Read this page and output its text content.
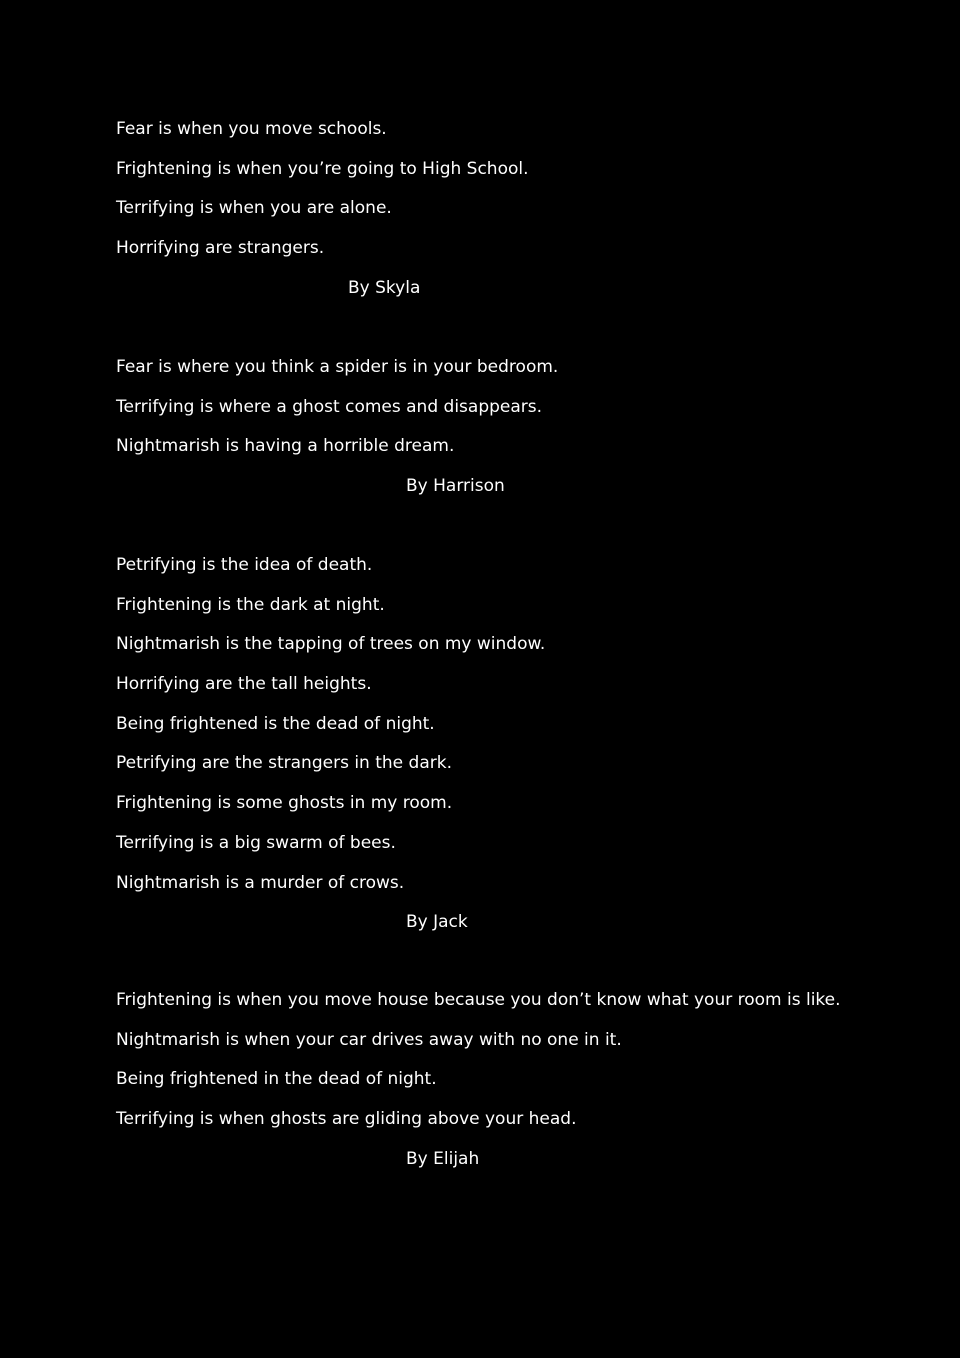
Fear is when you move schools.
Frightening is when you’re going to High School.
Terrifying is when you are alone.
Horrifying are strangers.
By Skyla
Fear is where you think a spider is in your bedroom.
Terrifying is where a ghost comes and disappears.
Nightmarish is having a horrible dream.
By Harrison
Petrifying is the idea of death.
Frightening is the dark at night.
Nightmarish is the tapping of trees on my window.
Horrifying are the tall heights.
Being frightened is the dead of night.
Petrifying are the strangers in the dark.
Frightening is some ghosts in my room.
Terrifying is a big swarm of bees.
Nightmarish is a murder of crows.
By Jack
Frightening is when you move house because you don’t know what your room is like.
Nightmarish is when your car drives away with no one in it.
Being frightened in the dead of night.
Terrifying is when ghosts are gliding above your head.
By Elijah
